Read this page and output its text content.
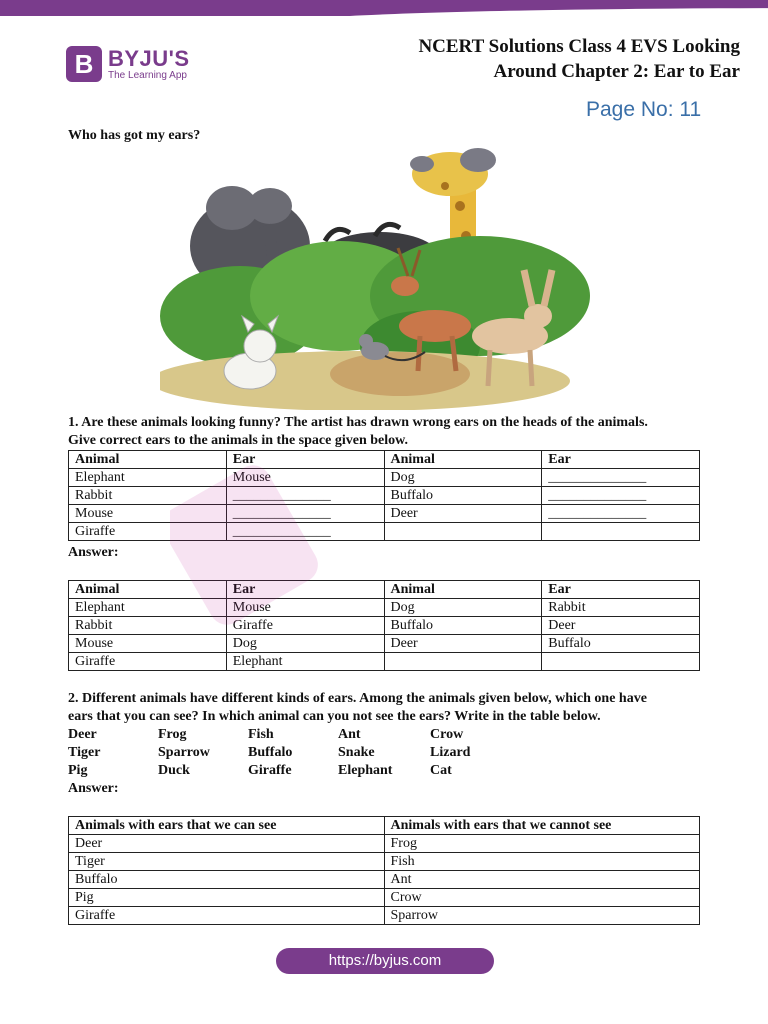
B BYJU'S
The Learning App
NCERT Solutions Class 4 EVS Looking
Around Chapter 2: Ear to Ear
Page No: 11
Who has got my ears?
1. Are these animals looking funny? The artist has drawn wrong ears on the heads of the animals.
Give correct ears to the animals in the space given below.
Animal	Ear	Animal	Ear
Elephant	Mouse	Dog	______________
Rabbit	______________	Buffalo	______________
Mouse	______________	Deer	______________
Giraffe	______________		
Answer:
Animal	Ear	Animal	Ear
Elephant	Mouse	Dog	Rabbit
Rabbit	Giraffe	Buffalo	Deer
Mouse	Dog	Deer	Buffalo
Giraffe	Elephant		
2. Different animals have different kinds of ears. Among the animals given below, which one have
ears that you can see? In which animal can you not see the ears? Write in the table below.
Deer	Frog	Fish	Ant	Crow
Tiger	Sparrow	Buffalo	Snake	Lizard
Pig	Duck	Giraffe	Elephant	Cat
Answer:
Animals with ears that we can see	Animals with ears that we cannot see
Deer	Frog
Tiger	Fish
Buffalo	Ant
Pig	Crow
Giraffe	Sparrow
https://byjus.com
